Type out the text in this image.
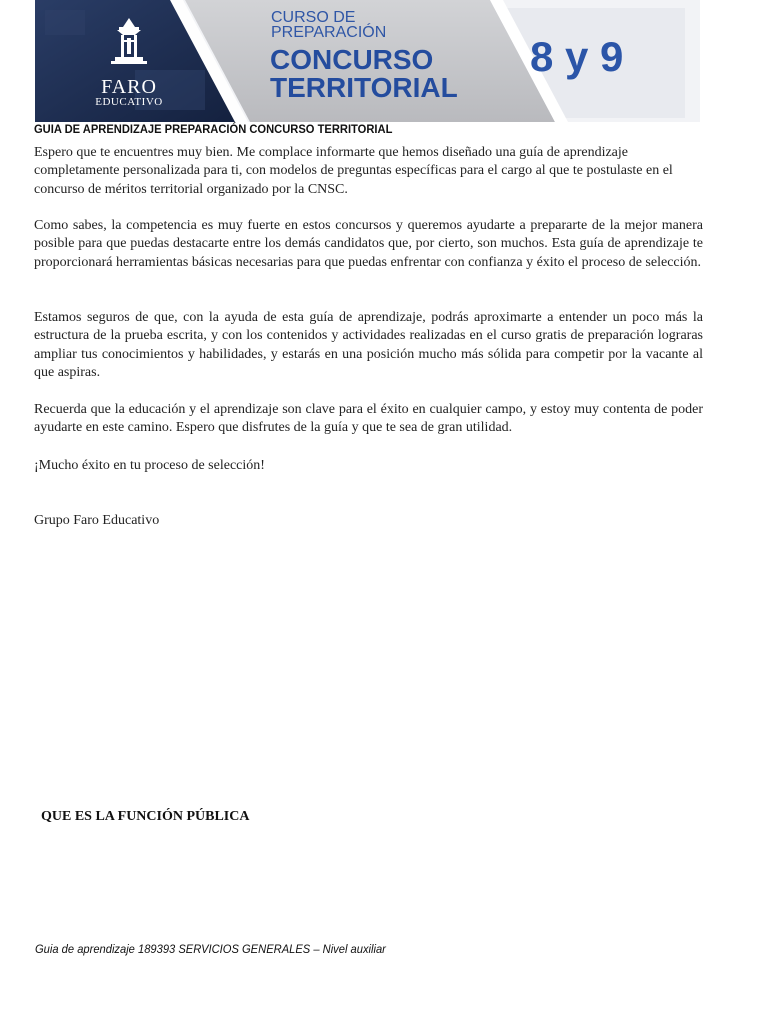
FARO
EDUCATIVO
CURSO DE
PREPARACIÓN
CONCURSO
TERRITORIAL
8 y 9
GUIA DE APRENDIZAJE PREPARACIÓN CONCURSO TERRITORIAL

Espero que te encuentres muy bien. Me complace informarte que hemos diseñado una guía de aprendizaje completamente personalizada para ti, con modelos de preguntas específicas para el cargo al que te postulaste en el concurso de méritos territorial organizado por la CNSC.

Como sabes, la competencia es muy fuerte en estos concursos y queremos ayudarte a prepararte de la mejor manera posible para que puedas destacarte entre los demás candidatos que, por cierto, son muchos. Esta guía de aprendizaje te proporcionará herramientas básicas necesarias para que puedas enfrentar con confianza y éxito el proceso de selección.

Estamos seguros de que, con la ayuda de esta guía de aprendizaje, podrás aproximarte a entender un poco más la estructura de la prueba escrita, y con los contenidos y actividades realizadas en el curso gratis de preparación lograras ampliar tus conocimientos y habilidades, y estarás en una posición mucho más sólida para competir por la vacante al que aspiras.

Recuerda que la educación y el aprendizaje son clave para el éxito en cualquier campo, y estoy muy contenta de poder ayudarte en este camino. Espero que disfrutes de la guía y que te sea de gran utilidad.

¡Mucho éxito en tu proceso de selección!

Grupo Faro Educativo

QUE ES LA FUNCIÓN PÚBLICA
Guia de aprendizaje 189393 SERVICIOS GENERALES – Nivel auxiliar
